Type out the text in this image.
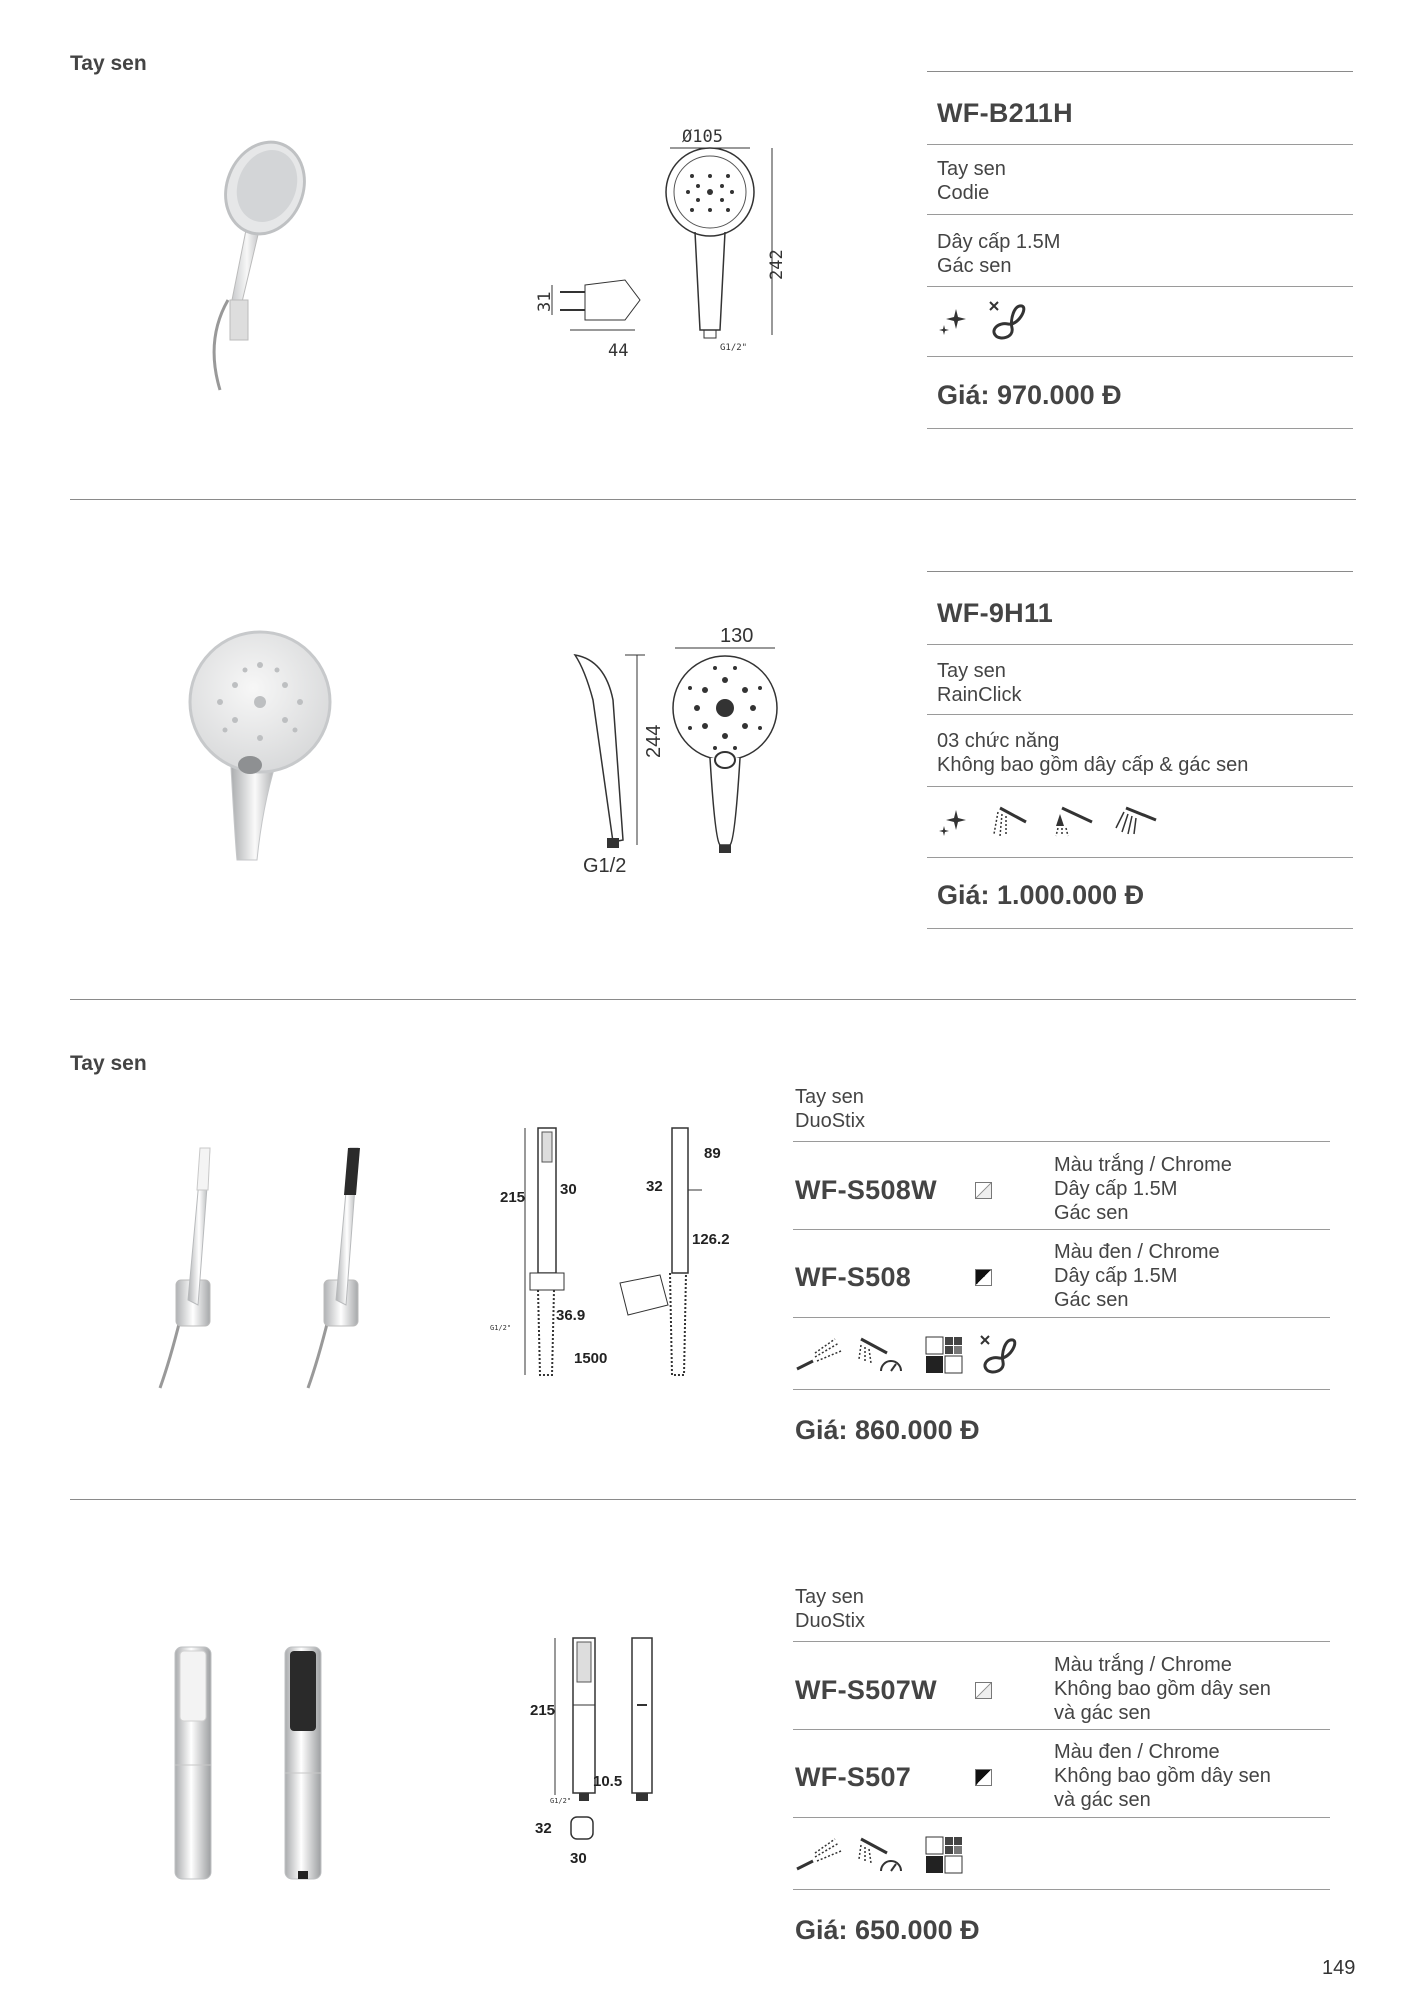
Tay sen
Ø105
242
G1/2"
31
44
WF-B211H
Tay sen
Codie
Dây cấp 1.5M
Gác sen
Giá: 970.000 Đ
244
G1/2
130
WF-9H11
Tay sen
RainClick
03 chức năng
Không bao gồm dây cấp & gác sen
Giá: 1.000.000 Đ
Tay sen
215 30
36.9
1500
G1/2"
89
32
126.2
Tay sen
DuoStix
WF-S508W
Màu trắng / Chrome
Dây cấp 1.5M
Gác sen
WF-S508
Màu đen / Chrome
Dây cấp 1.5M
Gác sen
Giá: 860.000 Đ
215
10.5
G1/2"
32
30
Tay sen
DuoStix
WF-S507W
Màu trắng / Chrome
Không bao gồm dây sen
và gác sen
WF-S507
Màu đen / Chrome
Không bao gồm dây sen
và gác sen
Giá: 650.000 Đ
149
